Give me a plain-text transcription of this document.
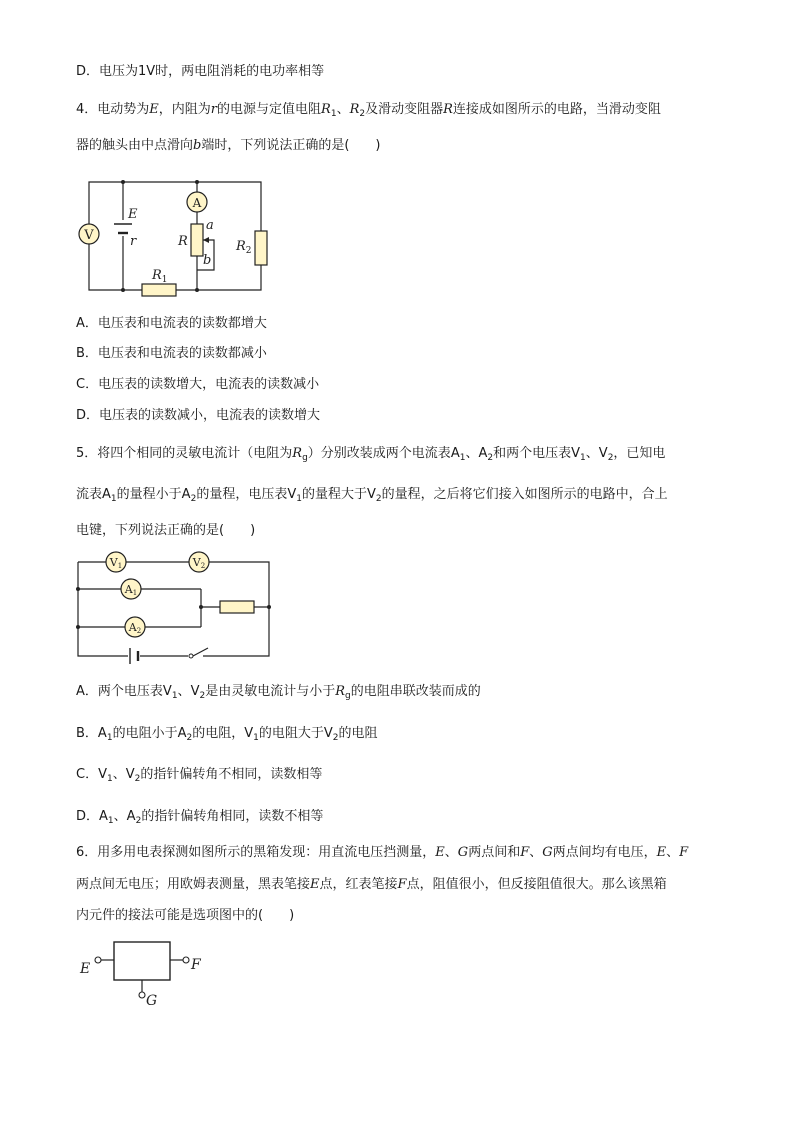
D．电压为1V时，两电阻消耗的电功率相等
4．电动势为E，内阻为r的电源与定值电阻$R_1$、$R_2$及滑动变阻器R连接成如图所示的电路，当滑动变阻
器的触头由中点滑向b端时，下列说法正确的是(　　)
V
E
r
A
R
a
b
$R_2$
$R_1$
A．电压表和电流表的读数都增大
B．电压表和电流表的读数都减小
C．电压表的读数增大，电流表的读数减小
D．电压表的读数减小，电流表的读数增大
5．将四个相同的灵敏电流计（电阻为$R_g$）分别改装成两个电流表$A_1$、$A_2$和两个电压表$V_1$、$V_2$，已知电
流表$A_1$的量程小于$A_2$的量程，电压表$V_1$的量程大于$V_2$的量程，之后将它们接入如图所示的电路中，合上
电键，下列说法正确的是(　　)
V1	V2
A1
A2
A．两个电压表$V_1$、$V_2$是由灵敏电流计与小于$R_g$的电阻串联改装而成的
B．$A_1$的电阻小于$A_2$的电阻，$V_1$的电阻大于$V_2$的电阻
C．$V_1$、$V_2$的指针偏转角不相同，读数相等
D．$A_1$、$A_2$的指针偏转角相同，读数不相等
6．用多用电表探测如图所示的黑箱发现：用直流电压挡测量，E、G两点间和F、G两点间均有电压，E、F
两点间无电压；用欧姆表测量，黑表笔接E点，红表笔接F点，阻值很小，但反接阻值很大。那么该黑箱
内元件的接法可能是选项图中的(　　)
E	F
G
